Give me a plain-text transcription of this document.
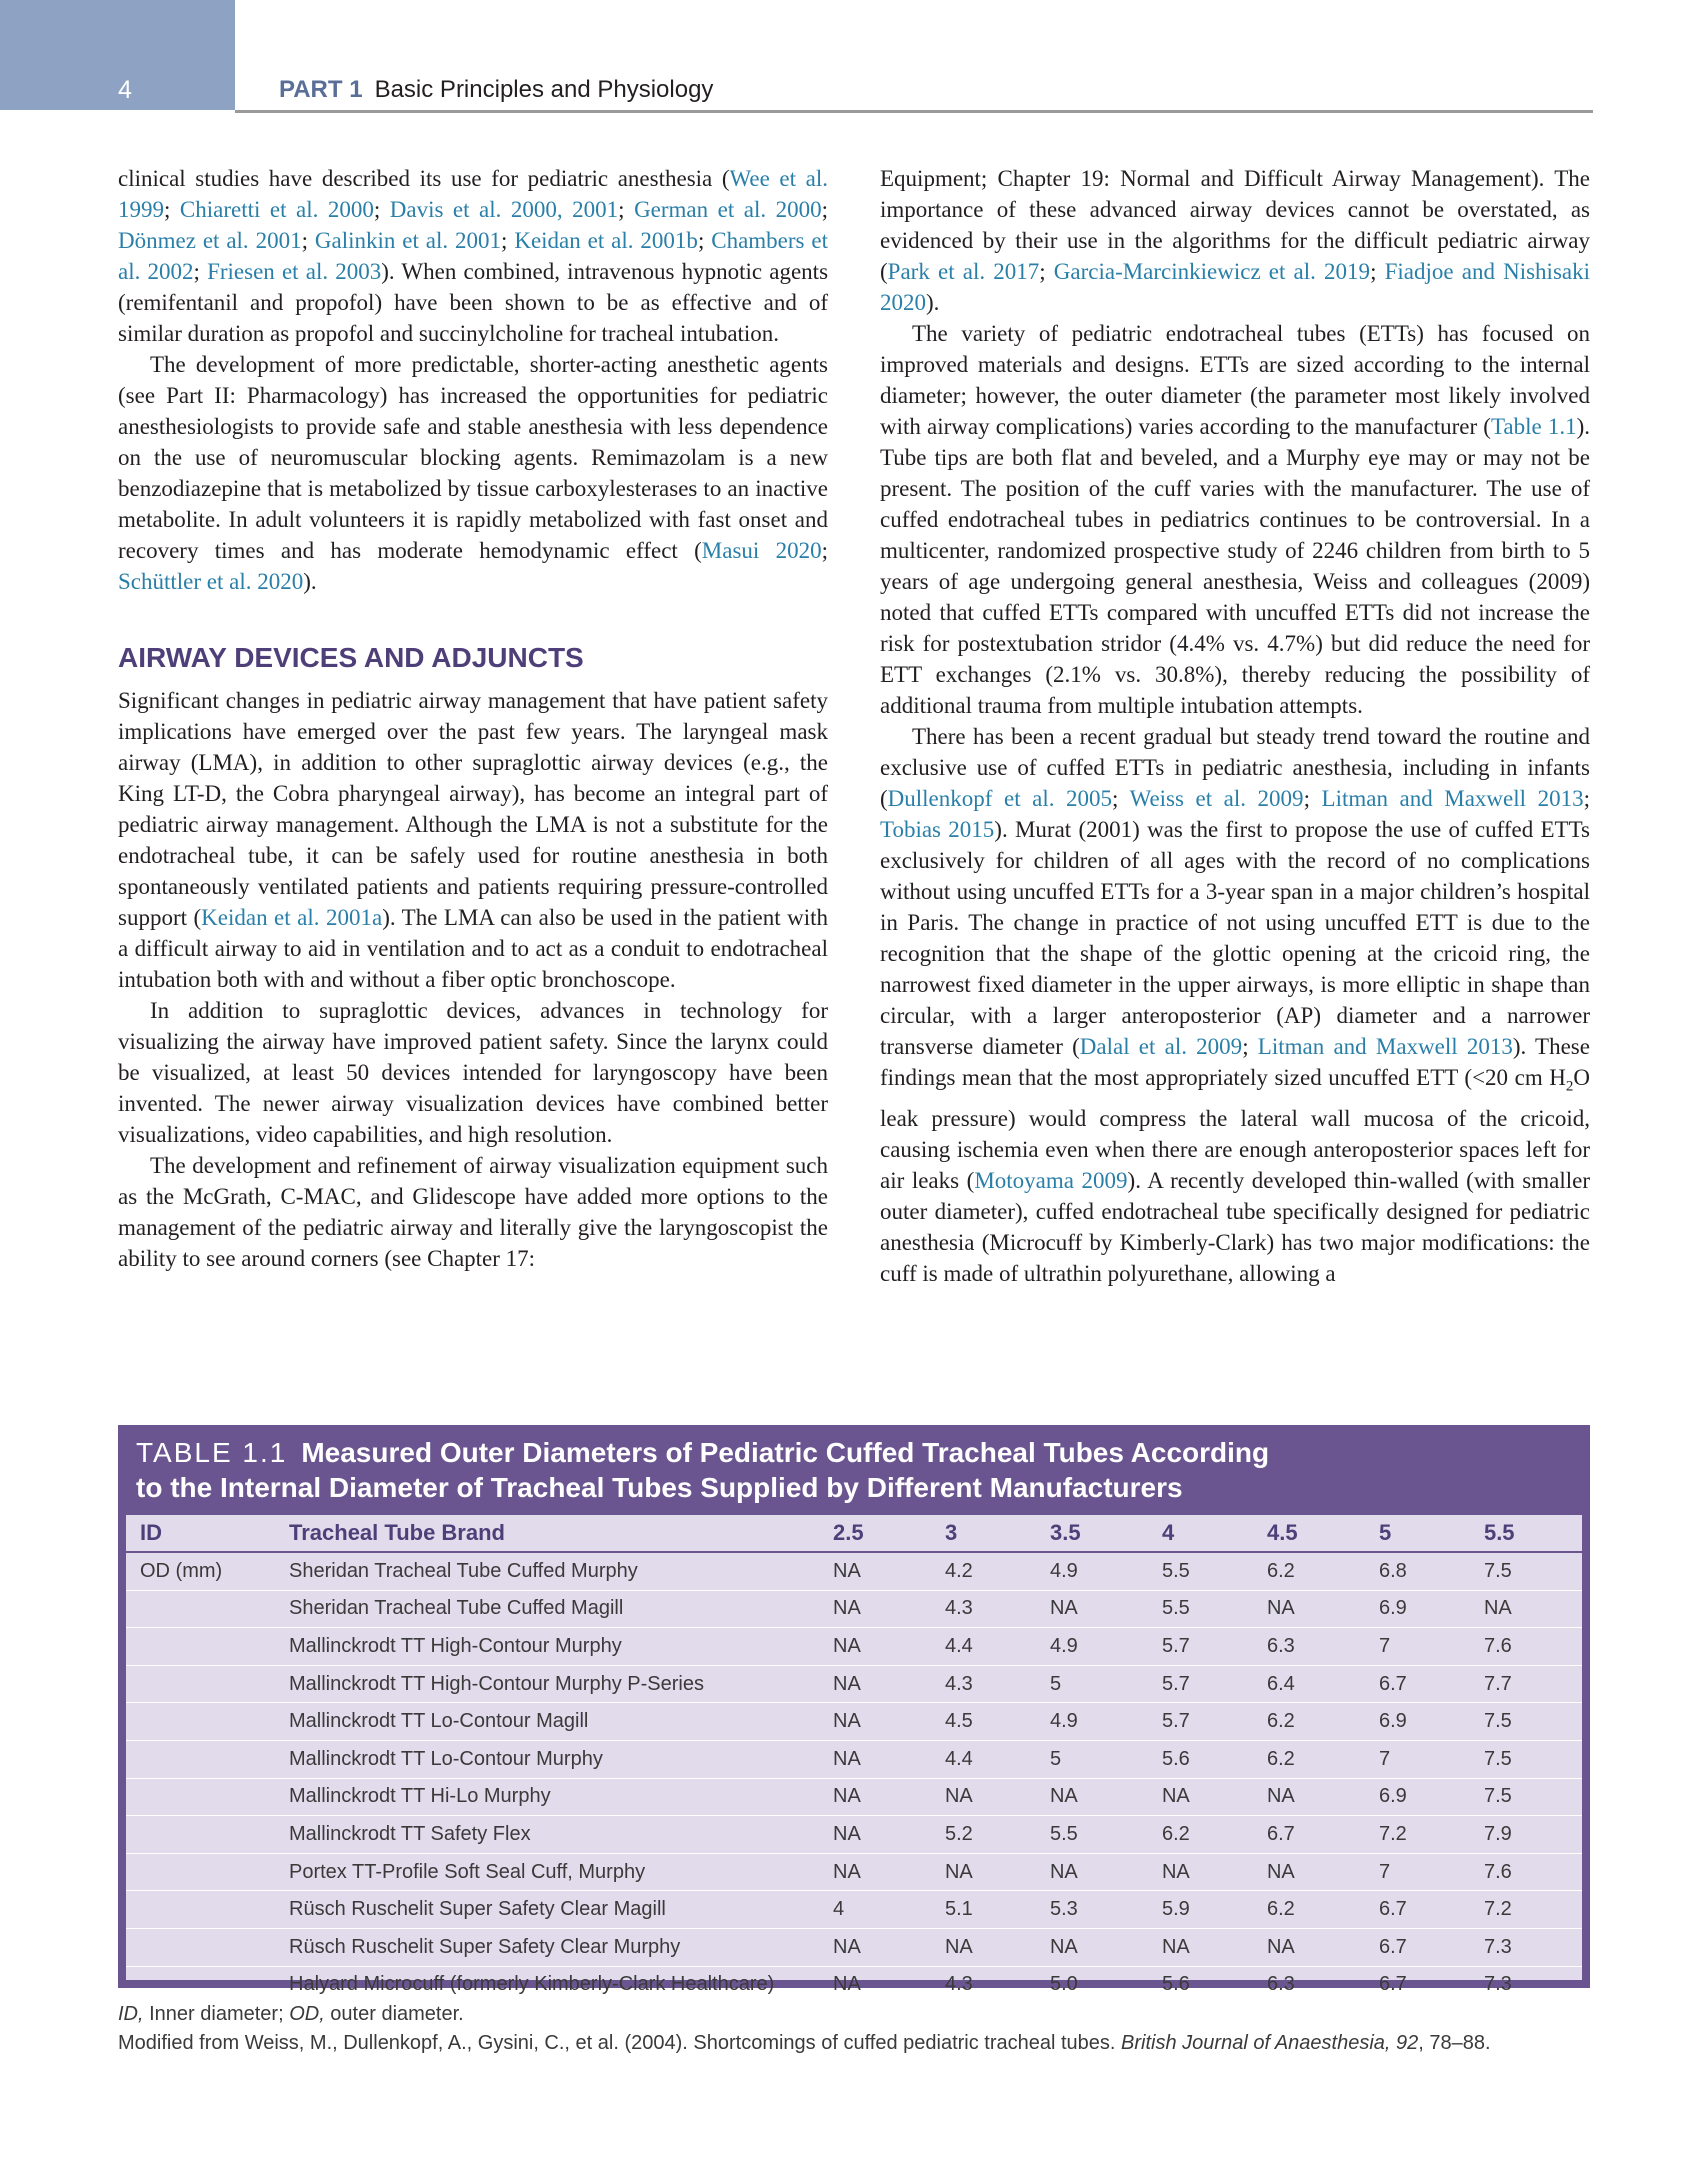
4	PART 1 Basic Principles and Physiology

clinical studies have described its use for pediatric anesthesia (Wee et al. 1999; Chiaretti et al. 2000; Davis et al. 2000, 2001; German et al. 2000; Dönmez et al. 2001; Galinkin et al. 2001; Keidan et al. 2001b; Chambers et al. 2002; Friesen et al. 2003). When combined, intravenous hypnotic agents (remifentanil and propofol) have been shown to be as effective and of similar duration as propofol and succinylcholine for tracheal intubation.

The development of more predictable, shorter-acting anesthetic agents (see Part II: Pharmacology) has increased the opportunities for pediatric anesthesiologists to provide safe and stable anesthesia with less dependence on the use of neuromuscular blocking agents. Remimazolam is a new benzodiazepine that is metabolized by tissue carboxylesterases to an inactive metabolite. In adult volunteers it is rapidly metabolized with fast onset and recovery times and has moderate hemodynamic effect (Masui 2020; Schüttler et al. 2020).

AIRWAY DEVICES AND ADJUNCTS

Significant changes in pediatric airway management that have patient safety implications have emerged over the past few years. The laryngeal mask airway (LMA), in addition to other supraglottic airway devices (e.g., the King LT-D, the Cobra pharyngeal airway), has become an integral part of pediatric airway management. Although the LMA is not a substitute for the endotracheal tube, it can be safely used for routine anesthesia in both spontaneously ventilated patients and patients requiring pressure-controlled support (Keidan et al. 2001a). The LMA can also be used in the patient with a difficult airway to aid in ventilation and to act as a conduit to endotracheal intubation both with and without a fiber optic bronchoscope.

In addition to supraglottic devices, advances in technology for visualizing the airway have improved patient safety. Since the larynx could be visualized, at least 50 devices intended for laryngoscopy have been invented. The newer airway visualization devices have combined better visualizations, video capabilities, and high resolution.

The development and refinement of airway visualization equipment such as the McGrath, C-MAC, and Glidescope have added more options to the management of the pediatric airway and literally give the laryngoscopist the ability to see around corners (see Chapter 17:

Equipment; Chapter 19: Normal and Difficult Airway Management). The importance of these advanced airway devices cannot be overstated, as evidenced by their use in the algorithms for the difficult pediatric airway (Park et al. 2017; Garcia-Marcinkiewicz et al. 2019; Fiadjoe and Nishisaki 2020).

The variety of pediatric endotracheal tubes (ETTs) has focused on improved materials and designs. ETTs are sized according to the internal diameter; however, the outer diameter (the parameter most likely involved with airway complications) varies according to the manufacturer (Table 1.1). Tube tips are both flat and beveled, and a Murphy eye may or may not be present. The position of the cuff varies with the manufacturer. The use of cuffed endotracheal tubes in pediatrics continues to be controversial. In a multicenter, randomized prospective study of 2246 children from birth to 5 years of age undergoing general anesthesia, Weiss and colleagues (2009) noted that cuffed ETTs compared with uncuffed ETTs did not increase the risk for postextubation stridor (4.4% vs. 4.7%) but did reduce the need for ETT exchanges (2.1% vs. 30.8%), thereby reducing the possibility of additional trauma from multiple intubation attempts.

There has been a recent gradual but steady trend toward the routine and exclusive use of cuffed ETTs in pediatric anesthesia, including in infants (Dullenkopf et al. 2005; Weiss et al. 2009; Litman and Maxwell 2013; Tobias 2015). Murat (2001) was the first to propose the use of cuffed ETTs exclusively for children of all ages with the record of no complications without using uncuffed ETTs for a 3-year span in a major children’s hospital in Paris. The change in practice of not using uncuffed ETT is due to the recognition that the shape of the glottic opening at the cricoid ring, the narrowest fixed diameter in the upper airways, is more elliptic in shape than circular, with a larger anteroposterior (AP) diameter and a narrower transverse diameter (Dalal et al. 2009; Litman and Maxwell 2013). These findings mean that the most appropriately sized uncuffed ETT (<20 cm $H_2O$ leak pressure) would compress the lateral wall mucosa of the cricoid, causing ischemia even when there are enough anteroposterior spaces left for air leaks (Motoyama 2009). A recently developed thin-walled (with smaller outer diameter), cuffed endotracheal tube specifically designed for pediatric anesthesia (Microcuff by Kimberly-Clark) has two major modifications: the cuff is made of ultrathin polyurethane, allowing a

TABLE 1.1 Measured Outer Diameters of Pediatric Cuffed Tracheal Tubes According
to the Internal Diameter of Tracheal Tubes Supplied by Different Manufacturers
ID	Tracheal Tube Brand	2.5	3	3.5	4	4.5	5	5.5
OD (mm)	Sheridan Tracheal Tube Cuffed Murphy	NA	4.2	4.9	5.5	6.2	6.8	7.5
	Sheridan Tracheal Tube Cuffed Magill	NA	4.3	NA	5.5	NA	6.9	NA
	Mallinckrodt TT High-Contour Murphy	NA	4.4	4.9	5.7	6.3	7	7.6
	Mallinckrodt TT High-Contour Murphy P-Series	NA	4.3	5	5.7	6.4	6.7	7.7
	Mallinckrodt TT Lo-Contour Magill	NA	4.5	4.9	5.7	6.2	6.9	7.5
	Mallinckrodt TT Lo-Contour Murphy	NA	4.4	5	5.6	6.2	7	7.5
	Mallinckrodt TT Hi-Lo Murphy	NA	NA	NA	NA	NA	6.9	7.5
	Mallinckrodt TT Safety Flex	NA	5.2	5.5	6.2	6.7	7.2	7.9
	Portex TT-Profile Soft Seal Cuff, Murphy	NA	NA	NA	NA	NA	7	7.6
	Rüsch Ruschelit Super Safety Clear Magill	4	5.1	5.3	5.9	6.2	6.7	7.2
	Rüsch Ruschelit Super Safety Clear Murphy	NA	NA	NA	NA	NA	6.7	7.3
	Halyard Microcuff (formerly Kimberly-Clark Healthcare)	NA	4.3	5.0	5.6	6.3	6.7	7.3

ID, Inner diameter; OD, outer diameter.

Modified from Weiss, M., Dullenkopf, A., Gysini, C., et al. (2004). Shortcomings of cuffed pediatric tracheal tubes. British Journal of Anaesthesia, 92, 78–88.
